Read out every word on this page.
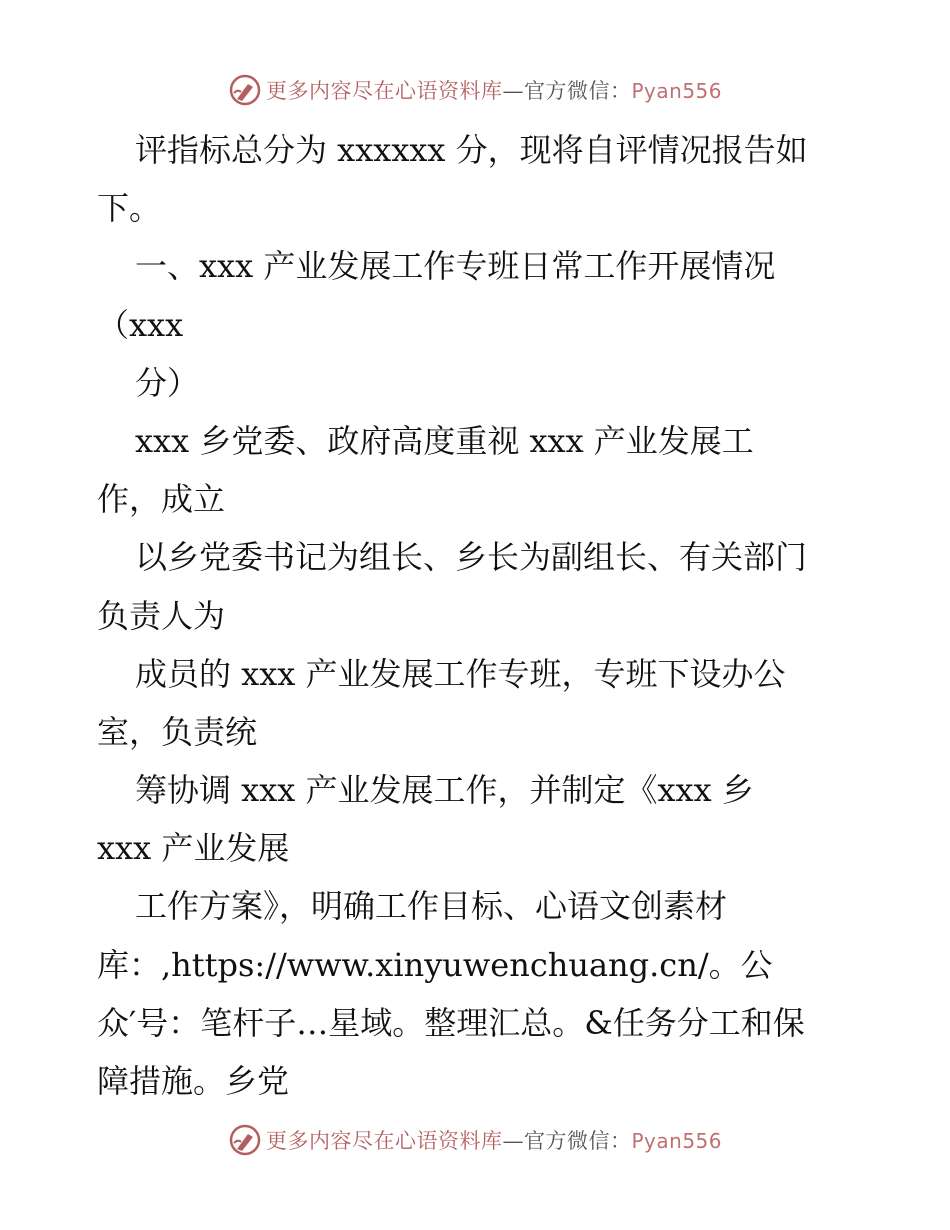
更多内容尽在心语资料库—官方微信：Pyan556
评指标总分为 xxxxxx 分，现将自评情况报告如
下。
一、xxx 产业发展工作专班日常工作开展情况
（xxx
分）
xxx 乡党委、政府高度重视 xxx 产业发展工
作，成立
以乡党委书记为组长、乡长为副组长、有关部门
负责人为
成员的 xxx 产业发展工作专班，专班下设办公
室，负责统
筹协调 xxx 产业发展工作，并制定《xxx 乡
xxx 产业发展
工作方案》，明确工作目标、心语文创素材
库：,https://www.xinyuwenchuang.cn/。公
众′号：笔杆子…星域。整理汇总。&任务分工和保
障措施。乡党
更多内容尽在心语资料库—官方微信：Pyan556
